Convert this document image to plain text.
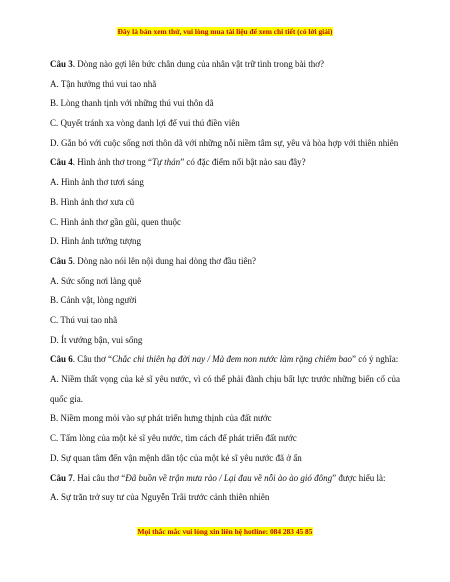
Đây là bản xem thử, vui lòng mua tài liệu để xem chi tiết (có lời giải)
Câu 3. Dòng nào gợi lên bức chân dung của nhân vật trữ tình trong bài thơ?
A. Tận hưởng thú vui tao nhã
B. Lòng thanh tịnh với những thú vui thôn dã
C. Quyết tránh xa vòng danh lợi để vui thú điền viên
D. Gắn bó với cuộc sống nơi thôn dã với những nỗi niềm tâm sự, yêu và hòa hợp với thiên nhiên
Câu 4. Hình ảnh thơ trong “Tự thán” có đặc điểm nổi bật nào sau đây?
A. Hình ảnh thơ tươi sáng
B. Hình ảnh thơ xưa cũ
C. Hình ảnh thơ gần gũi, quen thuộc
D. Hình ảnh tưởng tượng
Câu 5. Dòng nào nói lên nội dung hai dòng thơ đầu tiên?
A. Sức sống nơi làng quê
B. Cảnh vật, lòng người
C. Thú vui tao nhã
D. Ít vướng bận, vui sống
Câu 6. Câu thơ “Chắc chi thiên hạ đời nay / Mà đem non nước làm rặng chiêm bao” có ý nghĩa:
A. Niềm thất vọng của kẻ sĩ yêu nước, vì có thể phải đành chịu bất lực trước những biến cố của quốc gia.
B. Niềm mong mỏi vào sự phát triển hưng thịnh của đất nước
C. Tấm lòng của một kẻ sĩ yêu nước, tìm cách để phát triển đất nước
D. Sự quan tâm đến vận mệnh dân tộc của một kẻ sĩ yêu nước đã ở ẩn
Câu 7. Hai câu thơ “Đã buồn về trận mưa rào / Lại đau về nỗi ào ào gió đông” được hiểu là:
A. Sự trăn trở suy tư của Nguyễn Trãi trước cảnh thiên nhiên
Mọi thắc mắc vui lòng xin liên hệ hotline: 084 283 45 85
